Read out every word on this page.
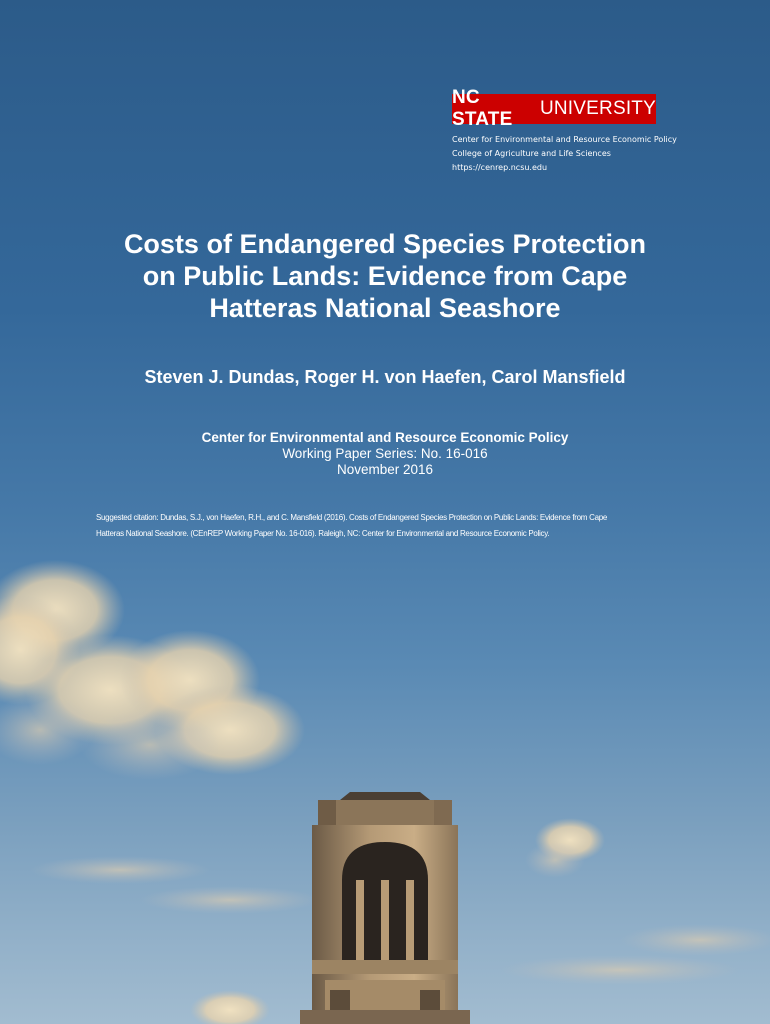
NC STATE
UNIVERSITY
Center for Environmental and Resource Economic Policy
College of Agriculture and Life Sciences
https://cenrep.ncsu.edu
Costs of Endangered Species Protection
on Public Lands: Evidence from Cape
Hatteras National Seashore
Steven J. Dundas, Roger H. von Haefen, Carol Mansfield
Center for Environmental and Resource Economic Policy
Working Paper Series: No. 16-016
November 2016
Suggested citation: Dundas, S.J., von Haefen, R.H., and C. Mansfield (2016). Costs of Endangered Species Protection on Public Lands: Evidence from Cape
Hatteras National Seashore. (CEnREP Working Paper No. 16-016). Raleigh, NC: Center for Environmental and Resource Economic Policy.
